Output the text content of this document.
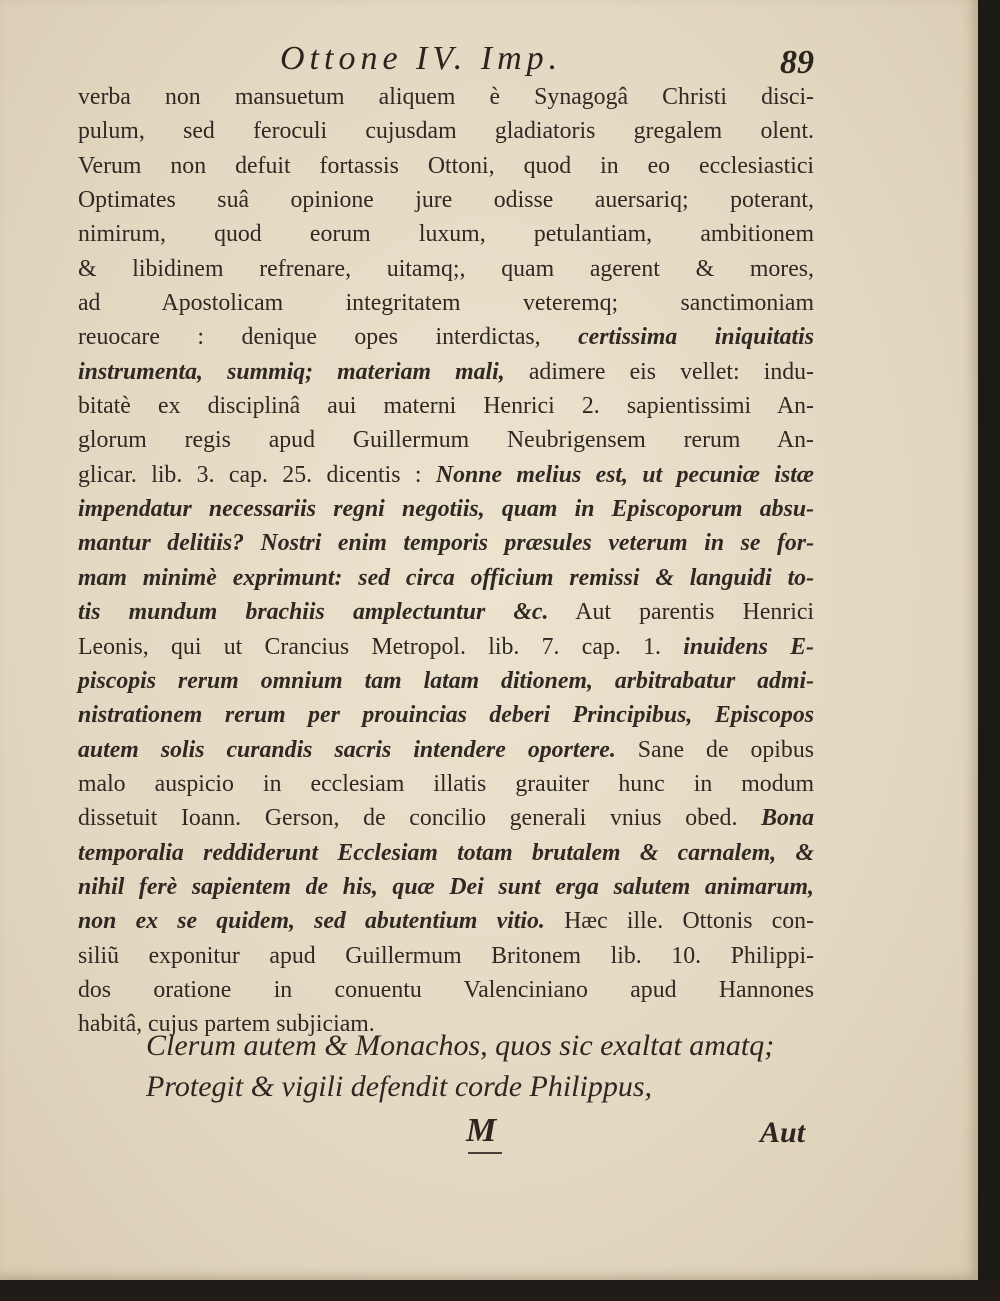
Ottone IV. Imp.	89
verba non mansuetum aliquem è Synagogâ Christi disci-
pulum, sed feroculi cujusdam gladiatoris gregalem olent.
Verum non defuit fortassis Ottoni, quod in eo ecclesiastici
Optimates suâ opinione jure odisse auersariq; poterant,
nimirum, quod eorum luxum, petulantiam, ambitionem
& libidinem refrenare, uitamq;, quam agerent & mores,
ad Apostolicam integritatem veteremq; sanctimoniam
reuocare : denique opes interdictas, certissima iniquitatis
instrumenta, summiq; materiam mali, adimere eis vellet: indu-
bitatè ex disciplinâ aui materni Henrici 2. sapientissimi An-
glorum regis apud Guillermum Neubrigensem rerum An-
glicar. lib. 3. cap. 25. dicentis : Nonne melius est, ut pecuniæ istæ
impendatur necessariis regni negotiis, quam in Episcoporum absu-
mantur delitiis? Nostri enim temporis præsules veterum in se for-
mam minimè exprimunt: sed circa officium remissi & languidi to-
tis mundum brachiis amplectuntur &c. Aut parentis Henrici
Leonis, qui ut Crancius Metropol. lib. 7. cap. 1. inuidens E-
piscopis rerum omnium tam latam ditionem, arbitrabatur admi-
nistrationem rerum per prouincias deberi Principibus, Episcopos
autem solis curandis sacris intendere oportere. Sane de opibus
malo auspicio in ecclesiam illatis grauiter hunc in modum
dissetuit Ioann. Gerson, de concilio generali vnius obed. Bona
temporalia reddiderunt Ecclesiam totam brutalem & carnalem, &
nihil ferè sapientem de his, quæ Dei sunt erga salutem animarum,
non ex se quidem, sed abutentium vitio. Hæc ille. Ottonis con-
siliũ exponitur apud Guillermum Britonem lib. 10. Philippi-
dos oratione in conuentu Valenciniano apud Hannones
habitâ, cujus partem subjiciam.
Clerum autem & Monachos, quos sic exaltat amatq;
Protegit & vigili defendit corde Philippus,
M	Aut
